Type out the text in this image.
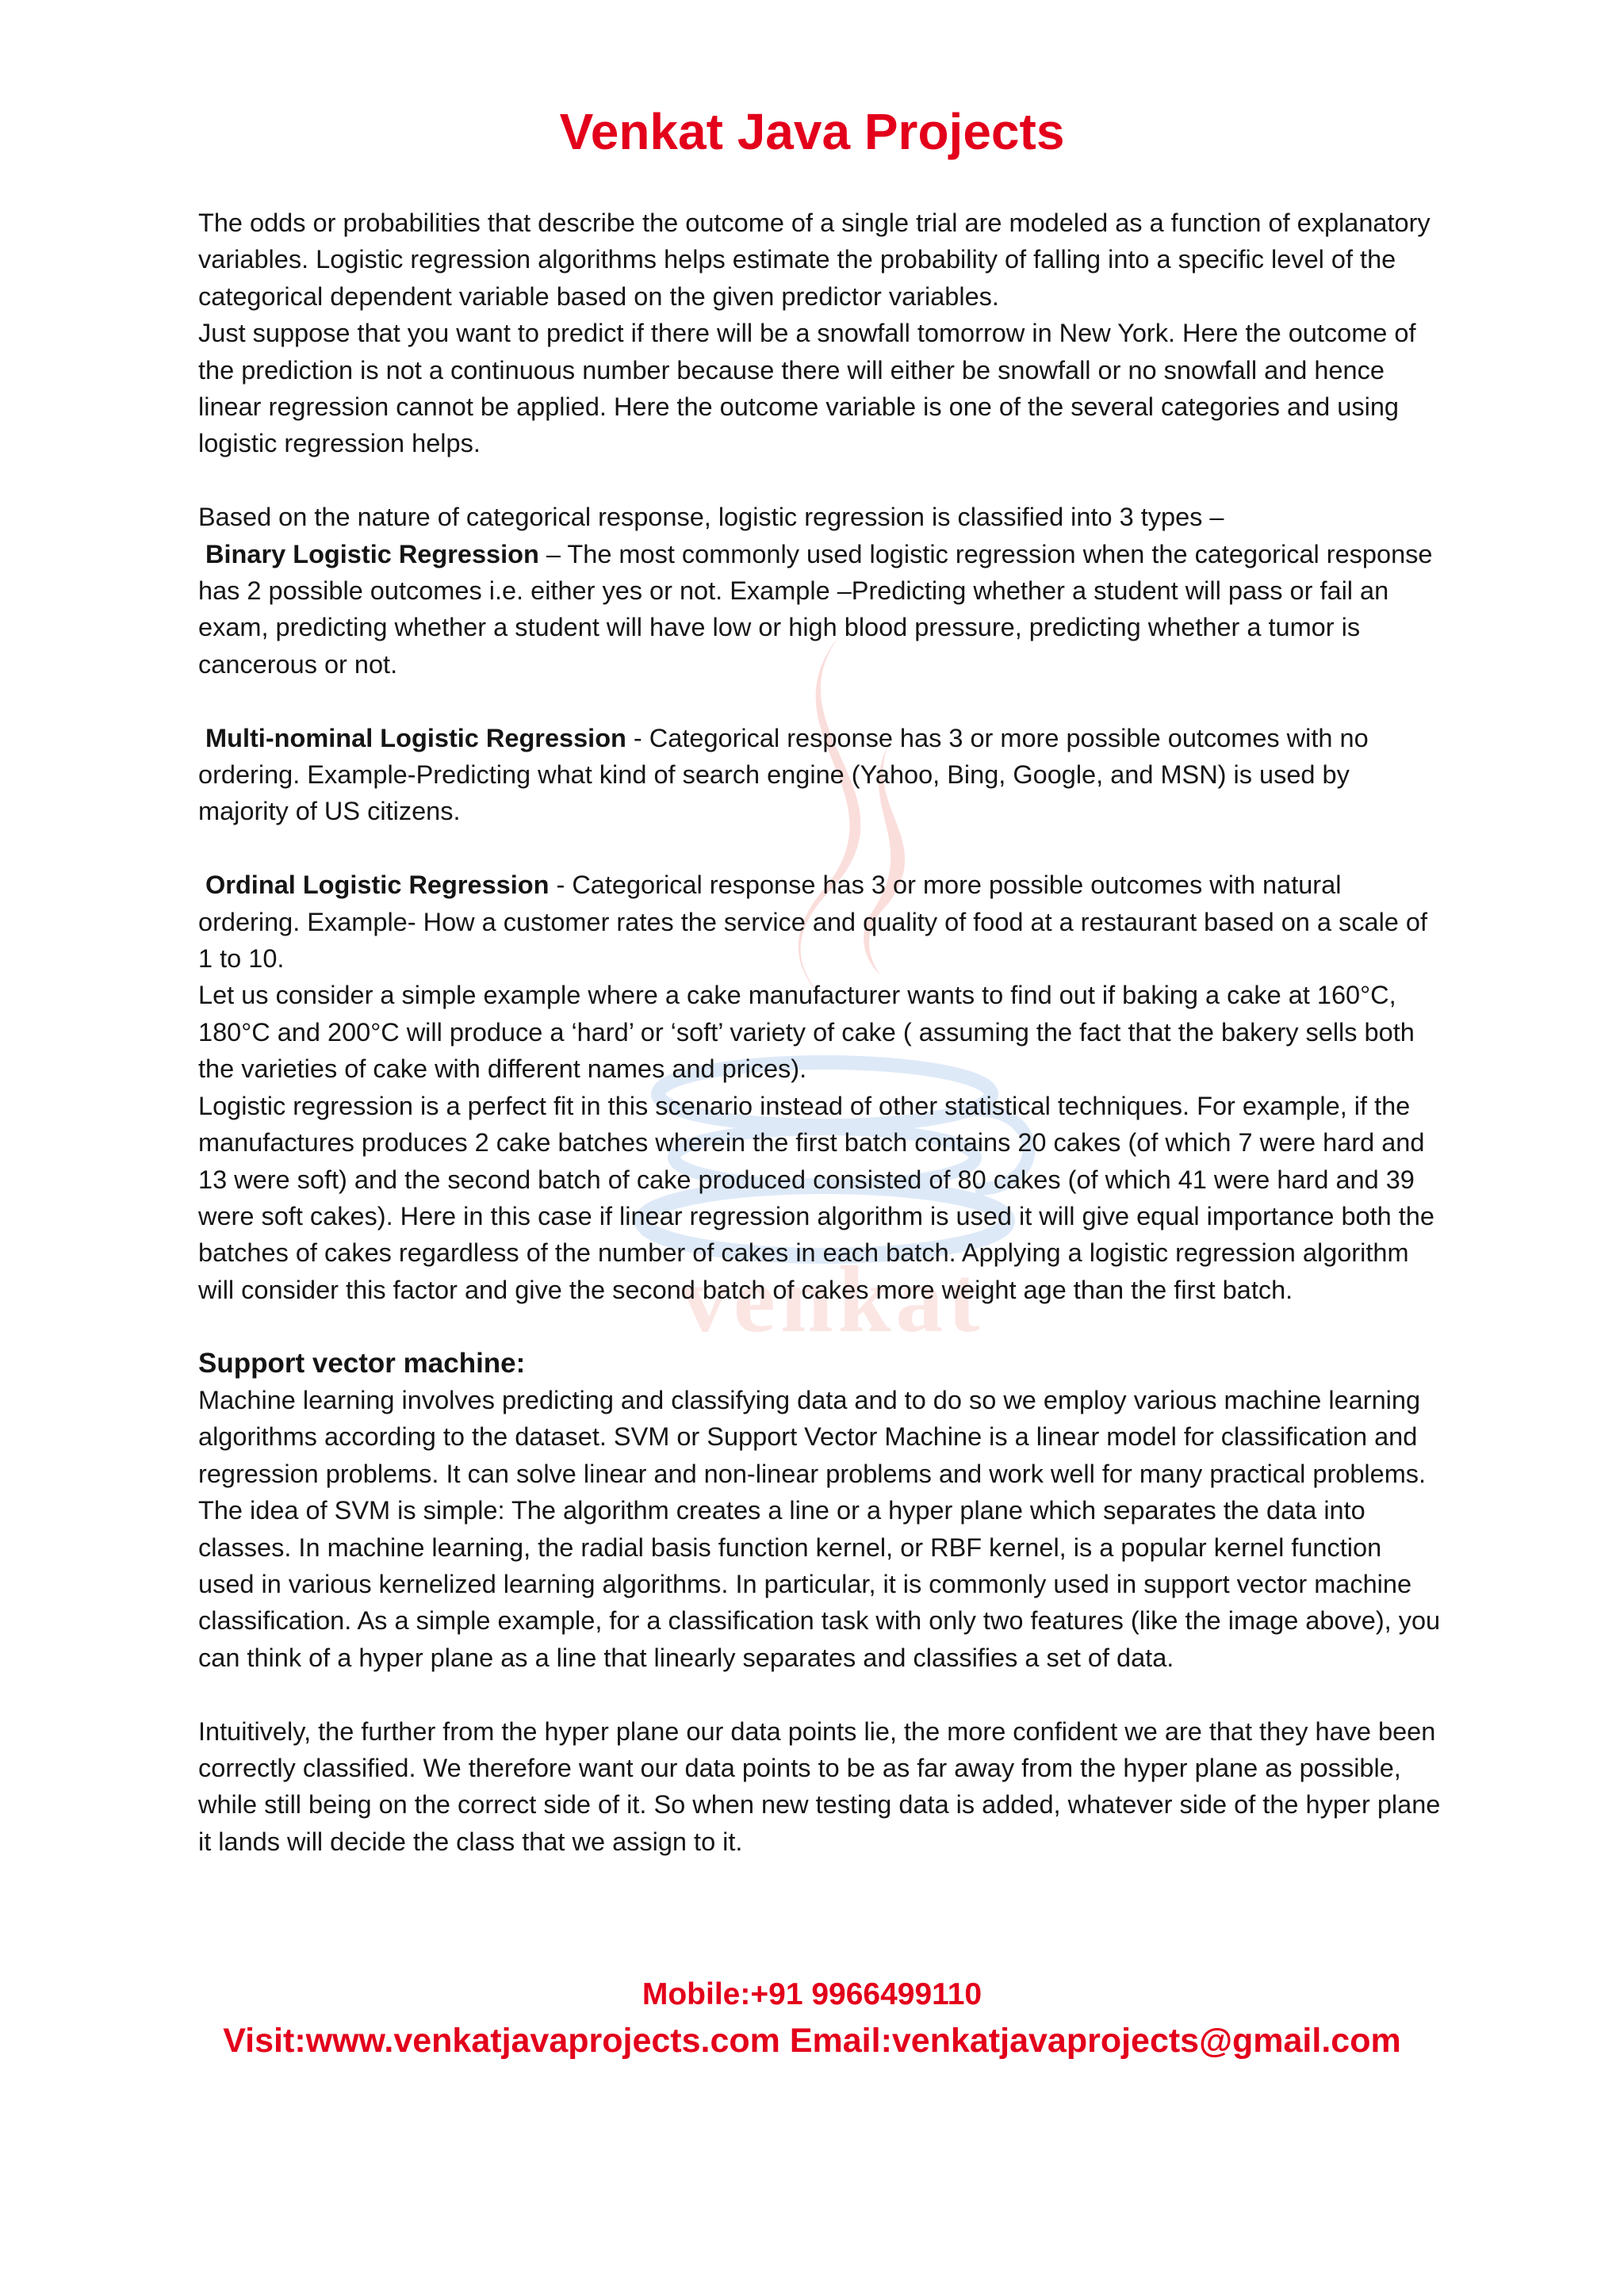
venkat
Venkat Java Projects

The odds or probabilities that describe the outcome of a single trial are modeled as a function of explanatory variables. Logistic regression algorithms helps estimate the probability of falling into a specific level of the categorical dependent variable based on the given predictor variables.

Just suppose that you want to predict if there will be a snowfall tomorrow in New York. Here the outcome of the prediction is not a continuous number because there will either be snowfall or no snowfall and hence linear regression cannot be applied. Here the outcome variable is one of the several categories and using logistic regression helps.

Based on the nature of categorical response, logistic regression is classified into 3 types –

Binary Logistic Regression – The most commonly used logistic regression when the categorical response has 2 possible outcomes i.e. either yes or not. Example –Predicting whether a student will pass or fail an exam, predicting whether a student will have low or high blood pressure, predicting whether a tumor is cancerous or not.

Multi-nominal Logistic Regression - Categorical response has 3 or more possible outcomes with no ordering. Example-Predicting what kind of search engine (Yahoo, Bing, Google, and MSN) is used by majority of US citizens.

Ordinal Logistic Regression - Categorical response has 3 or more possible outcomes with natural ordering. Example- How a customer rates the service and quality of food at a restaurant based on a scale of 1 to 10.

Let us consider a simple example where a cake manufacturer wants to find out if baking a cake at 160°C, 180°C and 200°C will produce a ‘hard’ or ‘soft’ variety of cake ( assuming the fact that the bakery sells both the varieties of cake with different names and prices).

Logistic regression is a perfect fit in this scenario instead of other statistical techniques. For example, if the manufactures produces 2 cake batches wherein the first batch contains 20 cakes (of which 7 were hard and 13 were soft) and the second batch of cake produced consisted of 80 cakes (of which 41 were hard and 39 were soft cakes). Here in this case if linear regression algorithm is used it will give equal importance both the batches of cakes regardless of the number of cakes in each batch. Applying a logistic regression algorithm will consider this factor and give the second batch of cakes more weight age than the first batch.

Support vector machine:

Machine learning involves predicting and classifying data and to do so we employ various machine learning algorithms according to the dataset. SVM or Support Vector Machine is a linear model for classification and regression problems. It can solve linear and non-linear problems and work well for many practical problems. The idea of SVM is simple: The algorithm creates a line or a hyper plane which separates the data into classes. In machine learning, the radial basis function kernel, or RBF kernel, is a popular kernel function used in various kernelized learning algorithms. In particular, it is commonly used in support vector machine classification. As a simple example, for a classification task with only two features (like the image above), you can think of a hyper plane as a line that linearly separates and classifies a set of data.

Intuitively, the further from the hyper plane our data points lie, the more confident we are that they have been correctly classified. We therefore want our data points to be as far away from the hyper plane as possible, while still being on the correct side of it. So when new testing data is added, whatever side of the hyper plane it lands will decide the class that we assign to it.

Mobile:+91 9966499110
Visit:www.venkatjavaprojects.com Email:venkatjavaprojects@gmail.com
